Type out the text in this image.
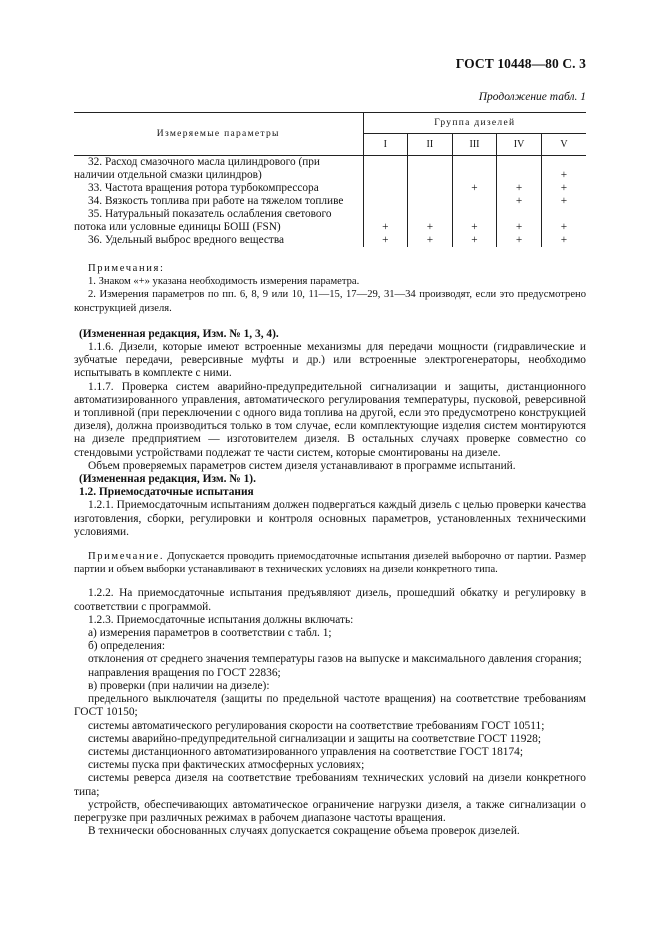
ГОСТ 10448—80 С. 3
Продолжение табл. 1
Измеряемые параметры	Группа дизелей				
	I	II	III	IV	V
32. Расход смазочного масла цилиндрового (при наличии отдельной смазки цилиндров)					+
33. Частота вращения ротора турбокомпрессора			+	+	+
34. Вязкость топлива при работе на тяжелом топливе				+	+
35. Натуральный показатель ослабления светового потока или условные единицы БОШ (FSN)	+	+	+	+	+
36. Удельный выброс вредного вещества	+	+	+	+	+

Примечания:

1. Знаком «+» указана необходимость измерения параметра.

2. Измерения параметров по пп. 6, 8, 9 или 10, 11—15, 17—29, 31—34 производят, если это предусмотрено конструкцией дизеля.

(Измененная редакция, Изм. № 1, 3, 4).

1.1.6. Дизели, которые имеют встроенные механизмы для передачи мощности (гидравлические и зубчатые передачи, реверсивные муфты и др.) или встроенные электрогенераторы, необходимо испытывать в комплекте с ними.

1.1.7. Проверка систем аварийно-предупредительной сигнализации и защиты, дистанционного автоматизированного управления, автоматического регулирования температуры, пусковой, реверсивной и топливной (при переключении с одного вида топлива на другой, если это предусмотрено конструкцией дизеля), должна производиться только в том случае, если комплектующие изделия систем монтируются на дизеле предприятием — изготовителем дизеля. В остальных случаях проверке совместно со стендовыми устройствами подлежат те части систем, которые смонтированы на дизеле.

Объем проверяемых параметров систем дизеля устанавливают в программе испытаний.

(Измененная редакция, Изм. № 1).

1.2. Приемосдаточные испытания

1.2.1. Приемосдаточным испытаниям должен подвергаться каждый дизель с целью проверки качества изготовления, сборки, регулировки и контроля основных параметров, установленных техническими условиями.

Примечание. Допускается проводить приемосдаточные испытания дизелей выборочно от партии. Размер партии и объем выборки устанавливают в технических условиях на дизели конкретного типа.

1.2.2. На приемосдаточные испытания предъявляют дизель, прошедший обкатку и регулировку в соответствии с программой.

1.2.3. Приемосдаточные испытания должны включать:

а) измерения параметров в соответствии с табл. 1;

б) определения:

отклонения от среднего значения температуры газов на выпуске и максимального давления сгорания;

направления вращения по ГОСТ 22836;

в) проверки (при наличии на дизеле):

предельного выключателя (защиты по предельной частоте вращения) на соответствие требованиям ГОСТ 10150;

системы автоматического регулирования скорости на соответствие требованиям ГОСТ 10511;

системы аварийно-предупредительной сигнализации и защиты на соответствие ГОСТ 11928;

системы дистанционного автоматизированного управления на соответствие ГОСТ 18174;

системы пуска при фактических атмосферных условиях;

системы реверса дизеля на соответствие требованиям технических условий на дизели конкретного типа;

устройств, обеспечивающих автоматическое ограничение нагрузки дизеля, а также сигнализации о перегрузке при различных режимах в рабочем диапазоне частоты вращения.

В технически обоснованных случаях допускается сокращение объема проверок дизелей.
